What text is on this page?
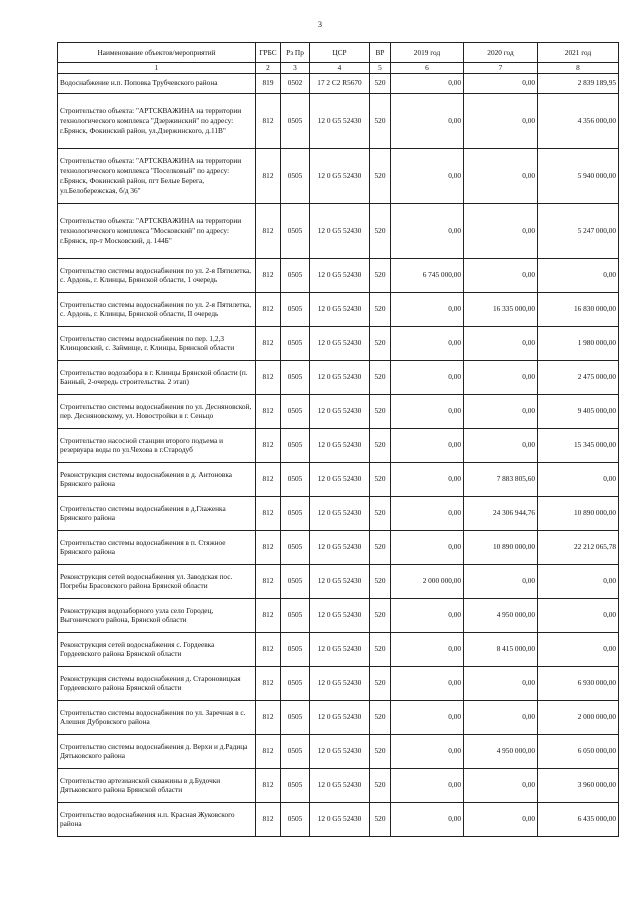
3
Наименование объектов/мероприятий	ГРБС	Рз Пр	ЦСР	ВР	2019 год	2020 год	2021 год
1	2	3	4	5	6	7	8
Водоснабжение н.п. Поповка Трубчевского района	819	0502	17 2 C2 R5670	520	0,00	0,00	2 839 189,95
Строительство объекта: "АРТСКВАЖИНА на территории технологического комплекса "Дзержинский" по адресу: г.Брянск, Фокинский район, ул.Дзержинского, д.11В"	812	0505	12 0 G5 52430	520	0,00	0,00	4 356 000,00
Строительство объекта: "АРТСКВАЖИНА на территории технологического комплекса "Поселковый" по адресу: г.Брянск, Фокинский район, пгт Белые Берега, ул.Белобережская, б/д 36"	812	0505	12 0 G5 52430	520	0,00	0,00	5 940 000,00
Строительство объекта: "АРТСКВАЖИНА на территории технологического комплекса "Московский" по адресу: г.Брянск, пр-т Московский, д. 144Б"	812	0505	12 0 G5 52430	520	0,00	0,00	5 247 000,00
Строительство системы водоснабжения по ул. 2-я Пятилетка, с. Ардонь, г. Клинцы, Брянской области, 1 очередь	812	0505	12 0 G5 52430	520	6 745 000,00	0,00	0,00
Строительство системы водоснабжения по ул. 2-я Пятилетка, с. Ардонь, г. Клинцы, Брянской области, II очередь	812	0505	12 0 G5 52430	520	0,00	16 335 000,00	16 830 000,00
Строительство системы водоснабжения по пер. 1,2,3 Клинцовский, с. Займище, г. Клинцы, Брянской области	812	0505	12 0 G5 52430	520	0,00	0,00	1 980 000,00
Строительство водозабора в г. Клинцы Брянской области (п. Банный, 2-очередь строительства. 2 этап)	812	0505	12 0 G5 52430	520	0,00	0,00	2 475 000,00
Строительство системы водоснабжения по ул. Десняновской, пер. Десняновскому, ул. Новостройки в г. Сеньцо	812	0505	12 0 G5 52430	520	0,00	0,00	9 405 000,00
Строительство насосной станции второго подъема и резервуара воды по ул.Чехова в г.Стародуб	812	0505	12 0 G5 52430	520	0,00	0,00	15 345 000,00
Реконструкция системы водоснабжения в д. Антоновка Брянского района	812	0505	12 0 G5 52430	520	0,00	7 883 805,60	0,00
Строительство системы водоснабжения в д.Глаженка Брянского района	812	0505	12 0 G5 52430	520	0,00	24 306 944,76	10 890 000,00
Строительство системы водоснабжения в п. Стяжное Брянского района	812	0505	12 0 G5 52430	520	0,00	10 890 000,00	22 212 065,78
Реконструкция сетей водоснабжения ул. Заводская пос. Погребы Брасовского района Брянской области	812	0505	12 0 G5 52430	520	2 000 000,00	0,00	0,00
Реконструкция водозаборного узла село Городец, Выгоничского района, Брянской области	812	0505	12 0 G5 52430	520	0,00	4 950 000,00	0,00
Реконструкция сетей водоснабжения с. Гордеевка Гордеевского района Брянской области	812	0505	12 0 G5 52430	520	0,00	8 415 000,00	0,00
Реконструкция системы водоснабжения д. Староновицкая Гордеевского района Брянской области	812	0505	12 0 G5 52430	520	0,00	0,00	6 930 000,00
Строительство системы водоснабжения по ул. Заречная в с. Алешня Дубровского района	812	0505	12 0 G5 52430	520	0,00	0,00	2 000 000,00
Строительство системы водоснабжения д. Верхи и д.Радица Дятьковского района	812	0505	12 0 G5 52430	520	0,00	4 950 000,00	6 050 000,00
Строительство артезианской скважины в д.Будочки Дятьковского района Брянской области	812	0505	12 0 G5 52430	520	0,00	0,00	3 960 000,00
Строительство водоснабжения н.п. Красная Жуковского района	812	0505	12 0 G5 52430	520	0,00	0,00	6 435 000,00
